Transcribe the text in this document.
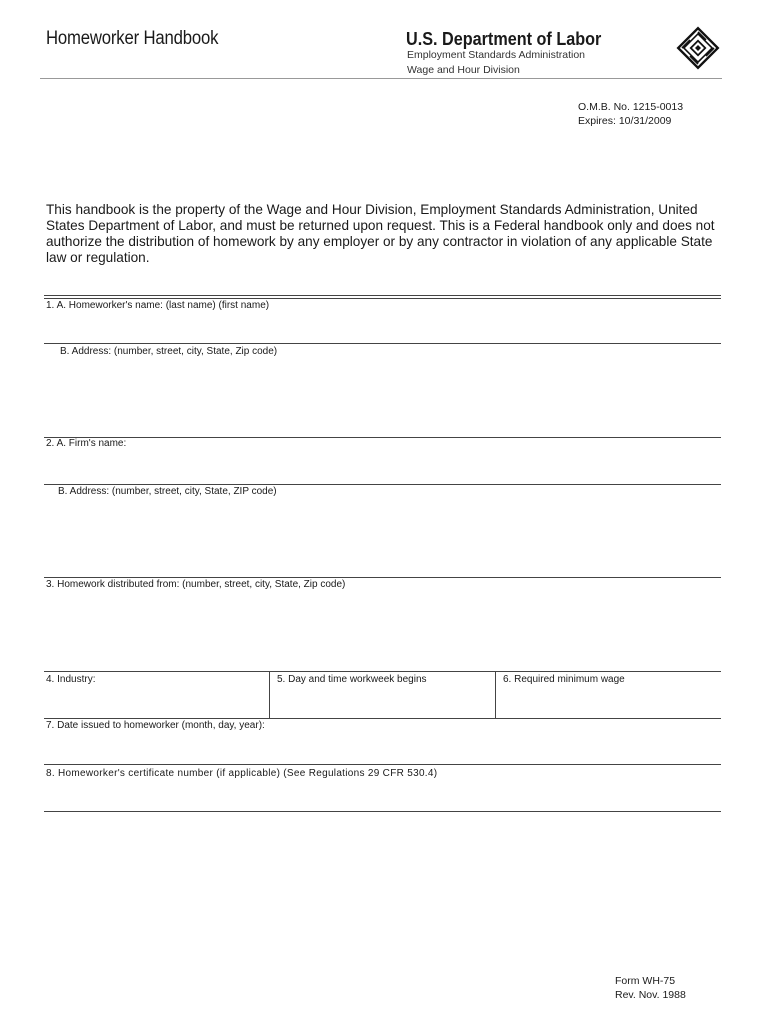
Homeworker Handbook	U.S. Department of Labor
Employment Standards Administration
Wage and Hour Division
O.M.B. No. 1215-0013
Expires: 10/31/2009
This handbook is the property of the Wage and Hour Division, Employment Standards Administration, United States Department of Labor, and must be returned upon request. This is a Federal handbook only and does not authorize the distribution of homework by any employer or by any contractor in violation of any applicable State law or regulation.
1. A. Homeworker's name: (last name) (first name)
B. Address: (number, street, city, State, Zip code)
2. A. Firm's name:
B. Address: (number, street, city, State, ZIP code)
3. Homework distributed from: (number, street, city, State, Zip code)
4. Industry:	5. Day and time workweek begins	6. Required minimum wage
7. Date issued to homeworker (month, day, year):
8. Homeworker's certificate number (if applicable) (See Regulations 29 CFR 530.4)
Form WH-75
Rev. Nov. 1988
